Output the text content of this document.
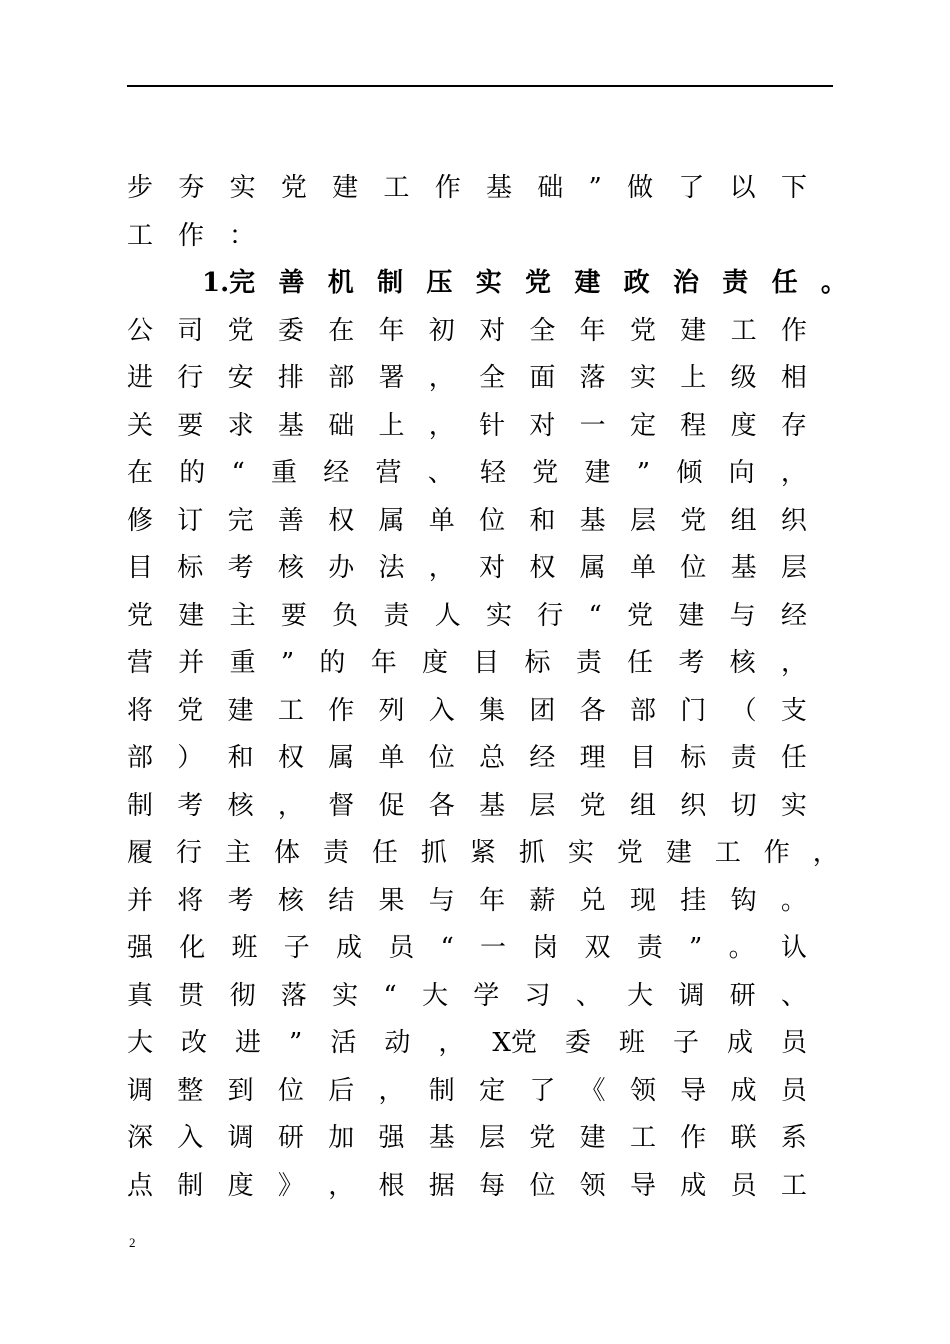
步 夯 实 党 建 工 作 基 础 ” 做 了 以 下
工 作 ：
1.完 善 机 制 压 实 党 建 政 治 责 任 。
公 司 党 委 在 年 初 对 全 年 党 建 工 作
进 行 安 排 部 署 ， 全 面 落 实 上 级 相
关 要 求 基 础 上 ， 针 对 一 定 程 度 存
在 的 “ 重 经 营 、 轻 党 建 ” 倾 向 ，
修 订 完 善 权 属 单 位 和 基 层 党 组 织
目 标 考 核 办 法 ， 对 权 属 单 位 基 层
党 建 主 要 负 责 人 实 行 “ 党 建 与 经
营 并 重 ” 的 年 度 目 标 责 任 考 核 ，
将 党 建 工 作 列 入 集 团 各 部 门 （ 支
部 ） 和 权 属 单 位 总 经 理 目 标 责 任
制 考 核 ， 督 促 各 基 层 党 组 织 切 实
履 行 主 体 责 任 抓 紧 抓 实 党 建 工 作 ，
并 将 考 核 结 果 与 年 薪 兑 现 挂 钩 。
强 化 班 子 成 员 “ 一 岗 双 责 ” 。 认
真 贯 彻 落 实 “ 大 学 习 、 大 调 研 、
大 改 进 ” 活 动 ， X党 委 班 子 成 员
调 整 到 位 后 ， 制 定 了 《 领 导 成 员
深 入 调 研 加 强 基 层 党 建 工 作 联 系
点 制 度 》 ， 根 据 每 位 领 导 成 员 工
2
